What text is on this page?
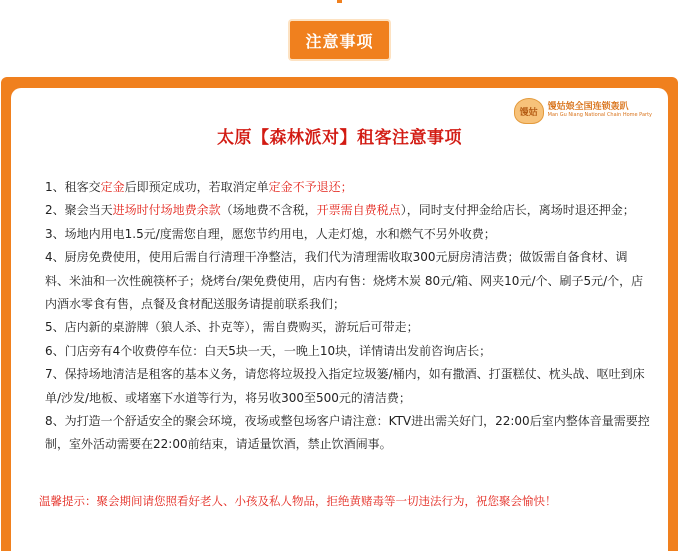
注意事项
馒姑
馒姑娘全国连锁轰趴
Man Gu Niang National Chain Home Party
太原【森林派对】租客注意事项

1、租客交定金后即预定成功，若取消定单定金不予退还；

2、聚会当天进场时付场地费余款（场地费不含税，开票需自费税点），同时支付押金给店长，离场时退还押金；

3、场地内用电1.5元/度需您自理，愿您节约用电，人走灯熄，水和燃气不另外收费；

4、厨房免费使用，使用后需自行清理干净整洁，我们代为清理需收取300元厨房清洁费；做饭需自备食材、调料、米油和一次性碗筷杯子；烧烤台/架免费使用，店内有售：烧烤木炭 80元/箱、网夹10元/个、刷子5元/个，店内酒水零食有售，点餐及食材配送服务请提前联系我们；

5、店内新的桌游牌（狼人杀、扑克等），需自费购买，游玩后可带走；

6、门店旁有4个收费停车位：白天5块一天，一晚上10块，详情请出发前咨询店长；

7、保持场地清洁是租客的基本义务，请您将垃圾投入指定垃圾篓/桶内，如有撒酒、打蛋糕仗、枕头战、呕吐到床单/沙发/地板、或堵塞下水道等行为，将另收300至500元的清洁费；

8、为打造一个舒适安全的聚会环境，夜场或整包场客户请注意：KTV进出需关好门，22:00后室内整体音量需要控制，室外活动需要在22:00前结束，请适量饮酒，禁止饮酒闹事。

温馨提示：聚会期间请您照看好老人、小孩及私人物品，拒绝黄赌毒等一切违法行为，祝您聚会愉快！
